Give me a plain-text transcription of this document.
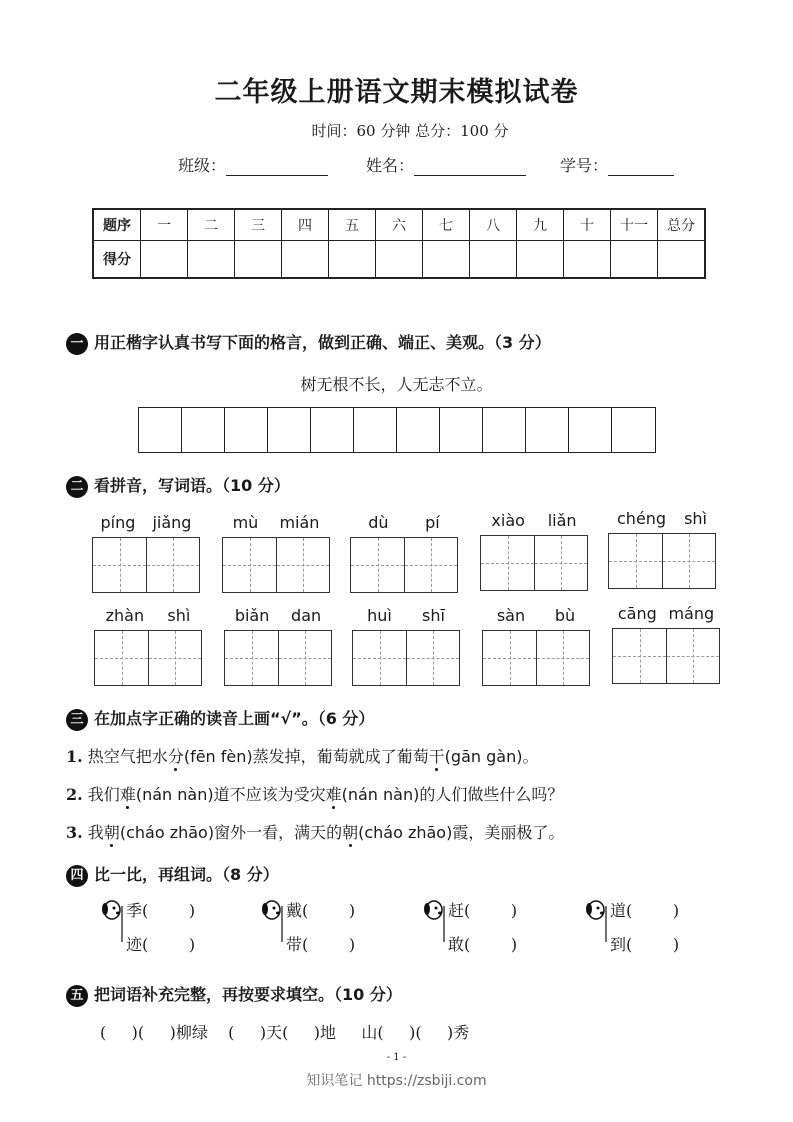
二年级上册语文期末模拟试卷
时间：60 分钟 总分：100 分
班级：	姓名：	学号：
题序	一	二	三	四	五	六	七	八	九	十	十一	总分
得分												
一 用正楷字认真书写下面的格言，做到正确、端正、美观。（3 分）
树无根不长，人无志不立。
二 看拼音，写词语。（10 分）
píng jiǎng	mù mián	dù pí	xiào liǎn	chéng shì
zhàn shì	biǎn dan	huì shī	sàn bù	cāng máng
三 在加点字正确的读音上画“√”。（6 分）
1. 热空气把水分(fēn fèn)蒸发掉，葡萄就成了葡萄干(gān gàn)。
2. 我们难(nán nàn)道不应该为受灾难(nán nàn)的人们做些什么吗？
3. 我朝(cháo zhāo)窗外一看，满天的朝(cháo zhāo)霞，美丽极了。
四 比一比，再组词。（8 分）
季(        )
迹(        )
戴(        )
带(        )
赶(        )
敢(        )
道(        )
到(        )
五 把词语补充完整，再按要求填空。（10 分）
(     )(     )柳绿    (     )天(     )地     山(     )(     )秀
- 1 -
知识笔记 https://zsbiji.com
